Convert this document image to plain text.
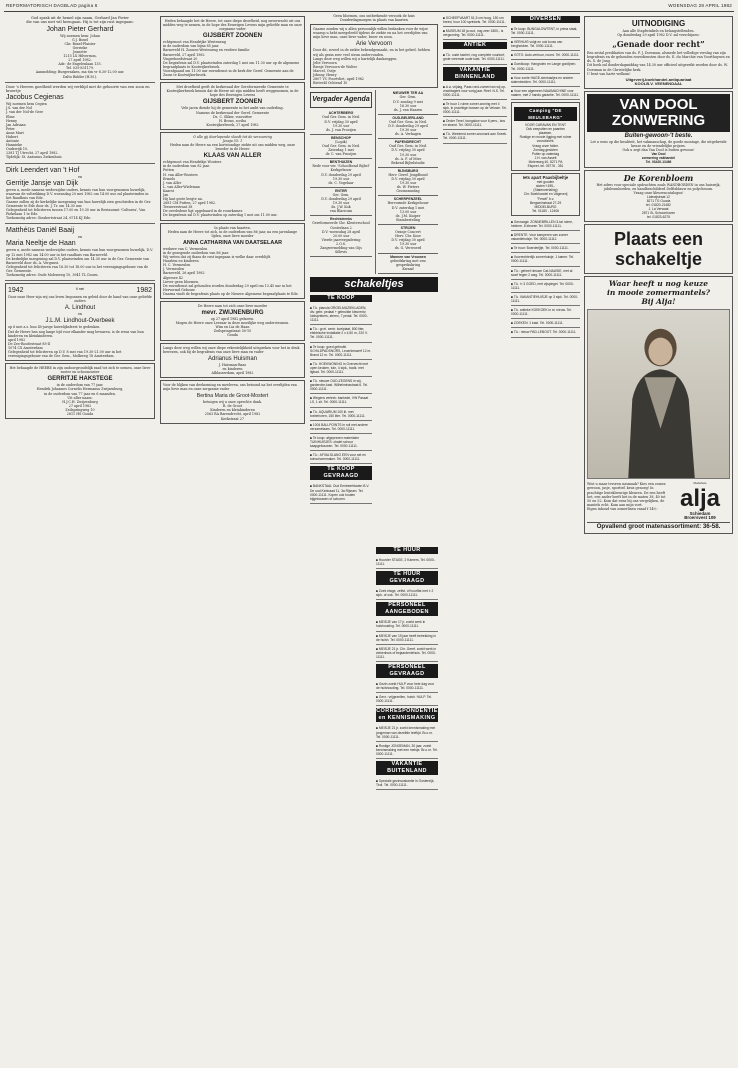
REFORMATORISCH DAGBLAD pagina 6	WOENSDAG 28 APRIL 1982
God sprak uit de hemel zijn naam, Gerhard Jan Pieter
die van ons niet wil heengaan. Hij is tot zijn rust ingegaan:
Johan Pieter Gerhard
Wij noemen hem: Johan
G.J. Boxel
Chr. Boxel-Plaisier
Gerrieke
Jeanette
1215 LX Hilversum,
27 april 1982.
Adr.: de Engelenlaan 135.
Tel. 035-831179.
Aanmelding: Burgerzaken, ma t/m vr 8.30-12.00 uur.
Dalto Ridder (H.M.).
Door 's Heeren goedheid werden wij verblijd met de geboorte van een zoon en broertje
Jacobus Cegienas
Wij noemen hem Cegien
J.S. van der Nol
J. van der Nol-de Geer
Eline
Henny
Jan Adriaan
Peter
Anne Mart
Hubert
Antonie
Hannieke
Oudewijk 10,
2381 TJ Utrecht, 27 april 1982.
Tijdelijk: St. Antonius Ziekenhuis
Dirk Leendert van 't Hof
en
Gerritje Jansje van Dijk
geven u, mede namens wederzijdse ouders, kennis van hun voorgenomen huwelijk, waarvan de voltrekking D.V. woensdag 20 mei 1982 om 14.00 uur zal plaatsvinden in het Raadhuis van Ede.
Gaarne zullen zij de kerkelijke inzegening van hun huwelijk zien geschieden in de Ger. Gemeente te Ede door ds. J. Tr. om 14.30 uur.
Gelegenheid tot feliciteren tussen 17.00 en 19.30 uur in Restaurant 'Culturea', Van Piekelaan 1 te Ede.
Toekomstig adres: Ginsbertstraat 24, 6714 KJ Ede.
Matthéüs Daniël Baaij
en
Maria Neeltje de Haan
geven u, mede namens wederzijdse ouders, kennis van hun voorgenomen huwelijk, D.V. op 12 mei 1982 om 14.00 uur in het raadhuis van Barneveld.
De kerkelijke inzegening zal D.V. plaatsvinden om 14.30 uur in de Ger. Gemeente van Barneveld door ds. A. Vergunst.
Gelegenheid tot feliciteren van 16.30 tot 18.00 uur in het verenigingsgebouw van de Ger. Gemeente.
Toekomstig adres: Oude Molenweg 10, 3941 TL Doorn.
1942	6 mei	1982
Door onze Heer zijn wij ons leven begonnen en geleid door de hand van onze geliefde ouders
A. Lindhout
en
J.L.M. Lindhout-Overbeek
op 6 mei a.s. hun 40-jarige huwelijksfeest te gedenken.
Dat de Heere hen nog lange tijd voor elkander mag bewaren, is de wens van hun kinderen en kleinkinderen.
april 1982
De Zee-Roodestraat 85-II
1074 CX Amsterdam
Gelegenheid tot feliciteren op D.V. 8 mei van 19.30-21.00 uur in het verenigingsgebouw van de Ger. Gem., Molkweg 18 Amsterdam.
Het behaagde de HEERE in zijn ondoorgrondelijk raad tot zich te nemen, onze lieve zuster en schoonzuster
GERRITJE HAKSTEGE
in de ouderdom van 77 jaar.
Hendrik Johannes Cornelis Hermanus Zwijzenburg,
in de ouderdom van 77 jaar en 6 maanden.
Uit aller naam:
H.J.C.H. Zwijzenburg
27 april 1982
Zeilspringweg 10
2611 HS Gouda
Heden behaagde het de Heere, tot onze diepe droefheid, nog onverwacht uit ons midden weg te nemen, in de hope des Eeuwigen Levens mijn geliefde man en onze zorgzame vader
GIJSBERT ZOONEN
echtgenoot van Hendrijke Westeneng
in de ouderdom van bijna 85 jaar.
Barneveld H. Zoonen-Westeneng en verdere familie
Barneveld, 27 april 1982
Vingerhoedstraat 20
De begrafenis zal D.V. plaatsvinden zaterdag 1 mei om 11.30 uur op de algemene begraafplaats te Kootwijkerbroek.
Voorafgaand om 11.00 uur rouwdienst in de kerk der Geref. Gemeente aan de Zoom te Kootwijkerbroek.
Met droefheid geeft de kerkeraad der Gereformeerde Gemeente te Kootwijkerbroek kennis dat de Heere uit zijn midden heeft weggenomen, in de hope des Eeuwigen Levens
GIJSBERT ZOONEN
Vele jaren diende hij de gemeente in het ambt van ouderling.
Namens de kerkeraad der Geref. Gemeente
Ds. C. Sliker, voorzitter
H. Brons, scriba
Kootwijkerbroek, 27 april 1982
O alle gij doorlopende vloedt tot de verzoening
Jesaja 55: 1
Heden nam de Heere na een kortstondige ziekte uit ons midden weg, onze broeder in de Heere
KLAAS VAN ALLER
echtgenoot van Hendrikje Wouters
in de ouderdom van 82 jaar.
Putten
H. van Aller-Wouters
Ermelo
J. van Aller
L. van Aller-Wieleman
Kaarst
Jan
Hij laat grote leegte na.
2681 CM Putten, 27 april 1982.
Teeuwerstraat 38
De overledene ligt opgebaard in de rouwkamer.
De begrafenis zal D.V. plaatsvinden op zaterdag 1 mei om 11.00 uur.
In plaats van kaarten.
Heden nam de Heere tot zich, in de ouderdom van 86 jaar, na een jarenlange lijden, onze lieve moeder
ANNA CATHARINA VAN DAATSELAAR
weduwe van C. Vermeulen
in de gezegende ouderdom van 86 jaar.
Wij weten dat zij thans de rust ingegaan is welke daar overblijft.
Haarlem en kinderen
H. C. Vermeulen
J. Vermeulen
Barneveld, 26 april 1982
Algersee 42
Liever geen bloemen.
De rouwdienst zal gehouden worden donderdag 29 april om 13.45 uur in het Hervormd Gebouw.
Daarna vindt de begrafenis plaats op de Nieuwe Algemene begraafplaats te Ede.
De Heere nam tot zich onze lieve moeder
mevr. ZWIJNENBURG
op 27 april 1982 geboren.
Mogen de Heere onze Leeraar in deze moeilijke weg ondersteunen.
Wim en Lia de Haan
Zeilspringstraat 50-10
Gouda
Langs deze weg willen wij onze diepe erkentelijkheid uitspreken voor het in deuk bewezen, ook bij de begrafenis van onze lieve man en vader
Adrianus Huisman
J. Huisman-Baas
en kinderen
Alblasserdam, april 1982
Voor de blijken van deelneming en meeleven, ons betoond na het overlijden van mijn lieve man en onze zorgzame vader
Bertina Maria de Groot-Mostert
betuigen wij u onze oprechte dank.
R. de Groot
Kinderen en kleinkinderen
2563 RA Barendrecht, april 1982
Kerkstraat 27
Geen bloemen, ons ontbrekende verzoek de huis
Donderdagmorgen in plaats van kaarten
Gaarne zouden wij u allen persoonlijk willen bedanken voor de wijze waarop u hebt meegeleefd tijdens de ziekte en na het overlijden van mijn lieve man, onze lieve vader, broer en zoon.
Arie Vervoorn
Door dit, zoveel in de ziekte bekendgemaakt, en in het gebed, hebben wij als gezin zeer veel steun ondervonden.
Langs deze weg willen wij u hartelijk dankzeggen.
Jelte Vervoorn
Rienje Vervoorn-de Wolter
Marcel, Ootje
Johnny, Henry
2807 VC Poortvliet, april 1982
Rietveld Ochtend 10
Vergader Agenda
ACHTERBERG
Oud Ger. Gem. in Ned.
D.V. vrijdag 30 april
19.30 uur
ds. J. van Prooijen
BENSCHOP
(Lopik)
Oud Ger. Gem. in Ned.
Zaterdag 1 mei
dr. C. van Prooijen
BENTHUIZEN
Rede voor ver. 'Schoolbond Bijbel'
Kerkgebouw
D.V. donderdag 29 april
19.30 uur
ds. C. Vogelaar
ENTER
Ger. Gem.
D.V. donderdag 29 april
19.30 uur
ds. J.W. Kok
van Blaricum
Rechtstreeks
Gereformeerde Chr. Kleuterschool
Oosterlaan 2
D.V. woensdag 28 april
20.00 uur
Vierde jaarvergadering
2.O.S.
Zangvermelding van Gijs
Sillevis
NIEUWER TER AA
Ger. Gem.
D.V. zondag 9 mei
16.30 uur
ds. J. van Haaren
OUD-BEIJERLAND
Oud Ger. Gem. in Ned.
D.V. donderdag 29 april
19.30 uur
ds. A. Verhagen
PAPENDRECHT
Oud Ger. Gem. in Ned.
D.V. vrijdag 30 april
19.30 uur
ds. A. F. of Mier
Bekend Bijbelstudie
RIJNSBURG
Herv. Geref. Jeugdbond
D.V. vrijdag 30 april
19.30 uur
ds. W. Pieters
Gezinszondag
SCHERPENZEEL
Hervormde Kerkgebouw
D.V. zaterdag 1 mei
13.00 uur
ds. J.M. Kuiper
Stambesteling
STRIJEN
Oranje Concert
Herv. Chr. Koor
D.V. vrijdag 30 april
19.30 uur
ds. G. Verwoerd
Mannen van Vrouwen
gebedskring met een
gesprekskring
Kwaad
schakeltjes
TE KOOP
■ T.k. pianola ORGELMUZIEKLADEN; div. gebr. pedaal + gebruikte kleurentv, luidsprekers, stereo, 7 pedal. Tel. 0000-11111.
■ T.k.: gr.el. centr. koelplaat, 800 liter, elektrische installatie 2 x 4,50 m, 220 V. Tel. 0000-11111.
■ Te koop: goed gebruikt SCHILDPADSNORS, Leuerkeswerf 12 m. Brand 12 m. Tel. 0000-11111.
■ T.k. HOEKWONING in Overvecht met open keuken, tuin, 4 slpk., badk. met ligbad. Tel. 0000-11111.
■ T.k. nieuwe OUD-ZEGENS in wij-garderobe-kast. Wilhelminastraat 6. Tel. 0000-11111.
■ Wegens vertrek: bankstel, VW Passat LS, 1 zit. Tel. 0000-11111.
■ T.k. AQUARIUM 100 lit. met toebehoren, 150 liter. Tel. 0000-11111.
■ 1004 BALLPOINTS in ruil met andere verzamelaars. Tel. 0000-11111.
■ Te koop: afgeprezen materialen TUINHUISJES: chalet schuur kaapgebouwen. Tel. 0000-11111.
■ T.k.: AFVALSLANG EEN voor set en tuinschoenmaker. Tel. 0000-11111.
TE KOOP GEVRAAGD
■ BANKSTAAL Oud Eenbeerbladen B.V. De oud Kerkraad 11, 3a Rijssen. Tel. 0000-11111. Kopen ook houten bijgebouwen of schuren.
TE HUUR
■ Huurder STAGE, 2 Kamers, Tel. 0000-11111.
TE HUUR GEVRAAGD
■ Zoek etage, zelfst. of huurflat met ± 2 slpk. of ook. Tel. 0000-11111.
PERSONEEL AANGEBODEN
■ MEISJE van 17 jr. zoekt werk in huishouding. Tel. 0000-11111.
■ MEISJE van 19 jaar heeft betrekking in de huish. Tel. 0000-11111.
■ MEISJE 21 jr. Chr. Geref. zoekt werk in ziekenhuis of bejaardentehuis. Tel. 0000-11111.
PERSONEEL GEVRAAGD
■ Gezin zoekt HULP voor hele dag voor de huishouding. Tel. 0000-11111.
■ Gevr.: vrijgezellen, huish. HULP. Tel. 0000-11111.
CORRESPONDENTIE en KENNISMAKING
■ MEISJE 21 jr. zoekt kennismaking met jongeman van dezelfde leeftijd. Br.o.nr. Tel. 0000-11111.
■ Rustige JONGEMAN, 30 jaar, zoekt kennismaking met een meisje. Br.o.nr. Tel. 0000-11111.
VAKANTIE BUITENLAND
■ Speciale gezinsvakantie in Oostenrijk, Tirol. Tel. 0000-11111.
■ SCHEEPVAART 51,5 cm hoog, 150 cm breed, huur 100 sprinkels. Tel. 0000-11111.
■ MUSEUM 18 ja oud, nog zeer 1800,- is vergunning. Tel. 0000-11111.
ANTIEK
■ T.k. oude kachel, nog complete vuurkorf, grote vreemde oude kast. Tel. 0000-11111.
VAKANTIE BINNENLAND
■ A.a. vrijdag, Paas rond-zomer/van wij op-vrachtagent voor vorig jaar. Reef. N.S. Tel. 0000-11111.
■ Te huur 1 ruime zomer-woning met 4 slpk. in prachtige bossen op de Veluwe. Tel. 0000-11111.
■ Onder Texel, bungalow voor 6 pers., bos en strand. Tel. 0000-11111.
■ T.k. Weekend zomer-woonark aan Sneek. Tel. 0000-11111.
DIVERSEN
■ Te koop: BUNGALOWTENT, in prima staat, Tel. 0000-11111.
■ VERHUIS volgt en ook bouw van berghokken. Tel. 0000-11111.
■ VOTO: Auto-verhuur, noord. Tel. 0000-11111.
■ Goedkoop: Hangrolen en Lange gordijnen. Tel. 0000-11111.
■ Voor zoete HAGE-sienkastjes en andere stalenbedden. Tel. 0000-11111.
■ Voor een algemeen NAAIMACHINE voor naaien, met 2 hands garantie. Tel. 0000-11111.
Camping "DE MEULEBARG"
VOOR CARAVAN EN TENT
Ook zeepotten en paarden
plaatsen.
Rustige en mooie ligging met ruime vooruitzicht.
Vraag onze folder.
Zondag gesloten
Putter op zaterdag
J.H. van Asselt
Molenweg 40, 8271 PA
Elspeet, tel. 05778 - 351
Iets apart Paasbijbeltje
met gouden
sloten f 495,-
(Statenvertaling)
Chr. Boekhandel en Uitgeverij
"Ferwil" b.v.
Bergweinstraat 27-29
MIDDELBURG
Tel. 01180 - 12406
■ Gevraagd: ZONNEBRILLEN 3-tal ruime, heldere, 8 kleuren Tel. 0000-11111.
■ DRENTE. Voor kamperen van zomer vakantiehuisje. Tel. 0000-11111.
■ Te huur: Boerderijtje, Tel. 0000-11111.
■ Voorrechterlijk zomerhuisje, 1 kamer. Tel. 0000-11111.
■ T.k.: geheel nieuwe Cat-NAUSIE, met al scarf tegen 2 wag. Tel. 0000-11111.
■ T.k. 'n 3 GOED, met zijspiegel. Tel. 0000-11111.
■ T.k. VAKANTIEHUISJE op 3 slpk. Tel. 0000-11111.
■ T.k. antieke KOEKOEK in st. nieuw. Tel. 0000-11111.
■ ZOEKEN: 1 kast. Tel. 0000-11111.
■ T.k.: nieuw PAD-LEBOOT. Tel. 0000-11111.
UITNODIGING
Aan alle Stapfwinkels en belangstellenden.
Op donderdag 29 april 1982 D.V. zal verschijnen:
„Genade door recht”
Een zestal predikaties van ds. P. J. Dorsman, alsmede het volledige verslag van zijn begrafenis en de gehouden rouwdiensten door ds. E. du Marchie van Voorthuysen en ds. S. de Jong.
Dit boek zal donderdagmiddag van 14.30 uur officieel uitgereikt worden door ds. W. Dorsman in de Christelijke kerk.
U bent van harte welkom!
Uitgeverij-boekhandel-antiquariaat
KOOLB.V. VEENENDAAL
VAN DOOL
ZONWERING
Buiten-gewoon-'t beste.
Let u eens op die kwaliteit, het vakmanschap, de goede montage, die uitgebreide keuze en de vriendelijke prijzen.
Ook u zegt dan Van Dool is buiten gewoon!
Van Dool
zonwering vakhandel
Tel. 03420-13466
De Korenbloem
Het adres voor speciale opdrachten zoals WANDBORDEN in ons huiswijk, jubileumborden, en handbeschilderd Delftsblauw en polychroom.
Vraag onze kleurencatalogus!
Lidewijstraat 12
8271 TG Gouda
tel. 01820-21482
J. La Verwaal
2871 SL Schoonhoven
tel. 01823-6275
Plaats een
schakeltje
Waar heeft u nog keuze
in mooie zomermantels?
Bij Alja!
Wist u maar tevoren nasmaak? Kies een zomer, gewoon, jasje, sportief, keus genoeg! In prachtige lenteklerurige kleuren. De een heeft het, een ander heeft het in de maten 38, 40 tot 50 en 52. Kom dat eens bij ons vergelijken, de mantels echt. Kom aan mijn voet.
Eigen inhoud van zomerlinea vanaf f 149,-
Modehuis
alja
Schiedam
Broersvest 109
Opvallend groot matenassortiment: 36-58.
